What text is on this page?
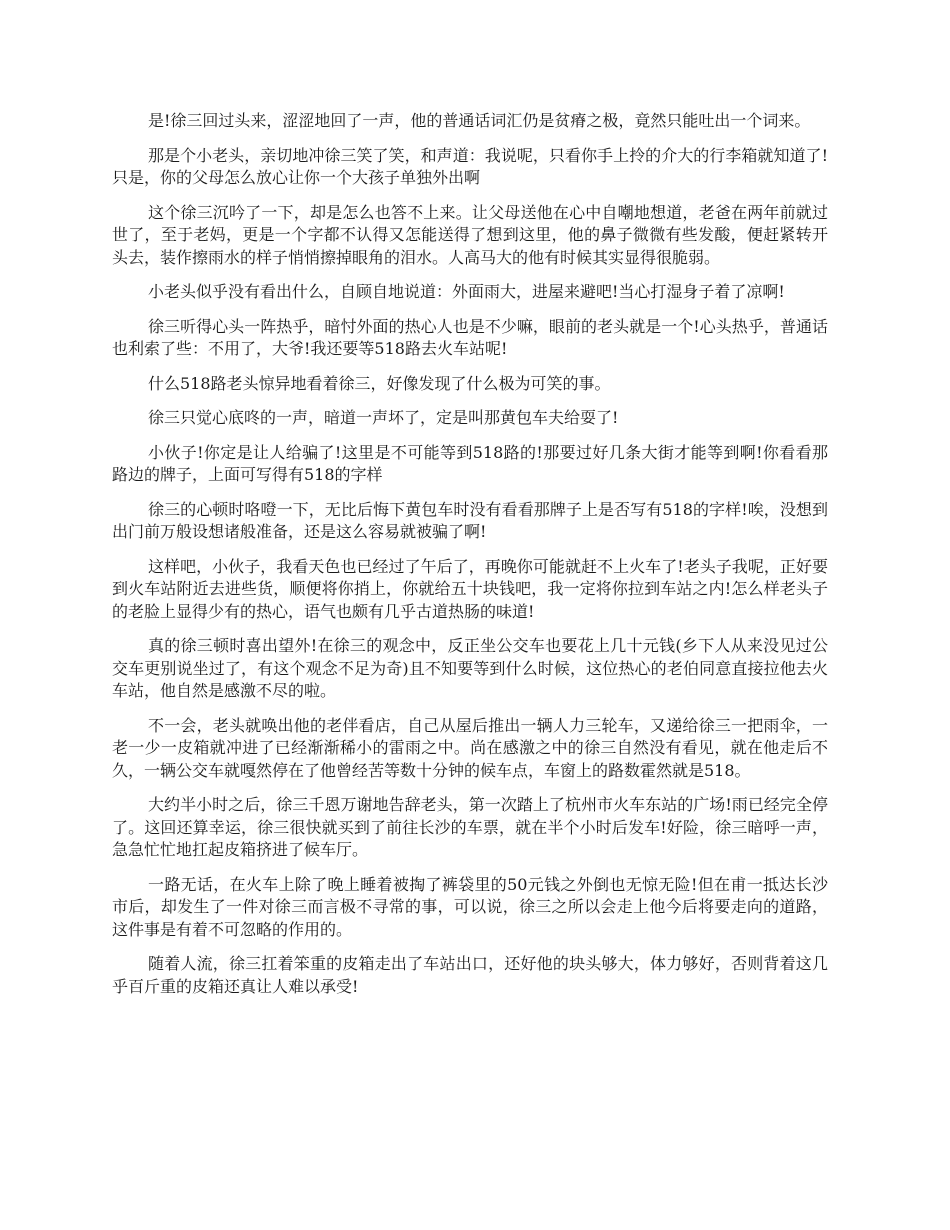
是!徐三回过头来，涩涩地回了一声，他的普通话词汇仍是贫瘠之极，竟然只能吐出一个词来。

那是个小老头，亲切地冲徐三笑了笑，和声道：我说呢，只看你手上拎的介大的行李箱就知道了!只是，你的父母怎么放心让你一个大孩子单独外出啊

这个徐三沉吟了一下，却是怎么也答不上来。让父母送他在心中自嘲地想道，老爸在两年前就过世了，至于老妈，更是一个字都不认得又怎能送得了想到这里，他的鼻子微微有些发酸，便赶紧转开头去，装作擦雨水的样子悄悄擦掉眼角的泪水。人高马大的他有时候其实显得很脆弱。

小老头似乎没有看出什么，自顾自地说道：外面雨大，进屋来避吧!当心打湿身子着了凉啊!

徐三听得心头一阵热乎，暗忖外面的热心人也是不少嘛，眼前的老头就是一个!心头热乎，普通话也利索了些：不用了，大爷!我还要等518路去火车站呢!

什么518路老头惊异地看着徐三，好像发现了什么极为可笑的事。

徐三只觉心底咚的一声，暗道一声坏了，定是叫那黄包车夫给耍了!

小伙子!你定是让人给骗了!这里是不可能等到518路的!那要过好几条大街才能等到啊!你看看那路边的牌子，上面可写得有518的字样

徐三的心顿时咯噔一下，无比后悔下黄包车时没有看看那牌子上是否写有518的字样!唉，没想到出门前万般设想诸般准备，还是这么容易就被骗了啊!

这样吧，小伙子，我看天色也已经过了午后了，再晚你可能就赶不上火车了!老头子我呢，正好要到火车站附近去进些货，顺便将你捎上，你就给五十块钱吧，我一定将你拉到车站之内!怎么样老头子的老脸上显得少有的热心，语气也颇有几乎古道热肠的味道!

真的徐三顿时喜出望外!在徐三的观念中，反正坐公交车也要花上几十元钱(乡下人从来没见过公交车更别说坐过了，有这个观念不足为奇)且不知要等到什么时候，这位热心的老伯同意直接拉他去火车站，他自然是感激不尽的啦。

不一会，老头就唤出他的老伴看店，自己从屋后推出一辆人力三轮车，又递给徐三一把雨伞，一老一少一皮箱就冲进了已经渐渐稀小的雷雨之中。尚在感激之中的徐三自然没有看见，就在他走后不久，一辆公交车就嘎然停在了他曾经苦等数十分钟的候车点，车窗上的路数霍然就是518。

大约半小时之后，徐三千恩万谢地告辞老头，第一次踏上了杭州市火车东站的广场!雨已经完全停了。这回还算幸运，徐三很快就买到了前往长沙的车票，就在半个小时后发车!好险，徐三暗呼一声，急急忙忙地扛起皮箱挤进了候车厅。

一路无话，在火车上除了晚上睡着被掏了裤袋里的50元钱之外倒也无惊无险!但在甫一抵达长沙市后，却发生了一件对徐三而言极不寻常的事，可以说，徐三之所以会走上他今后将要走向的道路，这件事是有着不可忽略的作用的。

随着人流，徐三扛着笨重的皮箱走出了车站出口，还好他的块头够大，体力够好，否则背着这几乎百斤重的皮箱还真让人难以承受!
